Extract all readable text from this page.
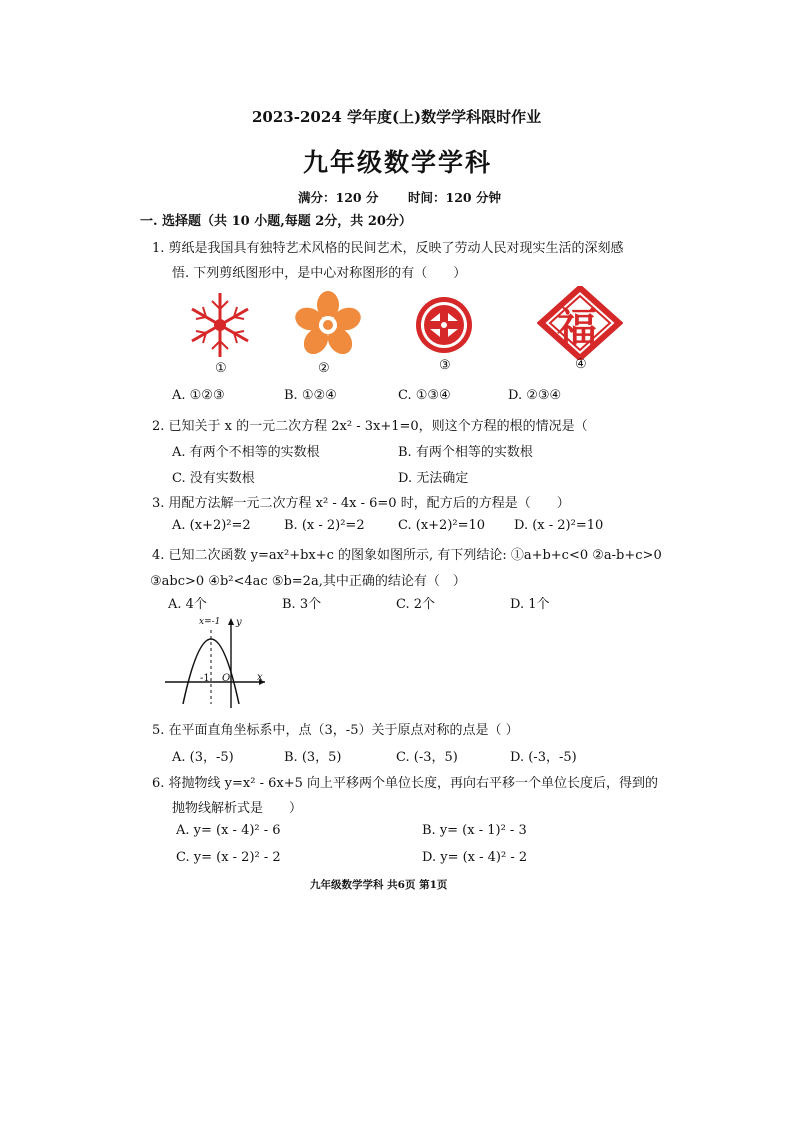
2023-2024 学年度(上)数学学科限时作业
九年级数学学科
满分：120 分 时间：120 分钟
一. 选择题（共 10 小题,每题 2分，共 20分）
1. 剪纸是我国具有独特艺术风格的民间艺术，反映了劳动人民对现实生活的深刻感
悟. 下列剪纸图形中，是中心对称图形的有（　　）
①	②	③
福
④
A. ①②③	B. ①②④	C. ①③④	D. ②③④
2. 已知关于 x 的一元二次方程 2x² - 3x+1=0，则这个方程的根的情况是（
A. 有两个不相等的实数根	B. 有两个相等的实数根
C. 没有实数根	D. 无法确定
3. 用配方法解一元二次方程 x² - 4x - 6=0 时，配方后的方程是（　　）
A. (x+2)²=2	B. (x - 2)²=2	C. (x+2)²=10 D. (x - 2)²=10
4. 已知二次函数 y=ax²+bx+c 的图象如图所示, 有下列结论: ①a+b+c<0 ②a-b+c>0
③abc>0 ④b²<4ac ⑤b=2a,其中正确的结论有（　）
A. 4个	B. 3个	C. 2个	D. 1个
x=-1 y
x
-1 O
5. 在平面直角坐标系中，点（3，-5）关于原点对称的点是（ ）
A. (3，-5)	B. (3，5)	C. (-3，5)	D. (-3，-5)
6. 将抛物线 y=x² - 6x+5 向上平移两个单位长度，再向右平移一个单位长度后，得到的
抛物线解析式是　　）
A. y= (x - 4)² - 6	B. y= (x - 1)² - 3
C. y= (x - 2)² - 2	D. y= (x - 4)² - 2
九年级数学学科 共6页 第1页
